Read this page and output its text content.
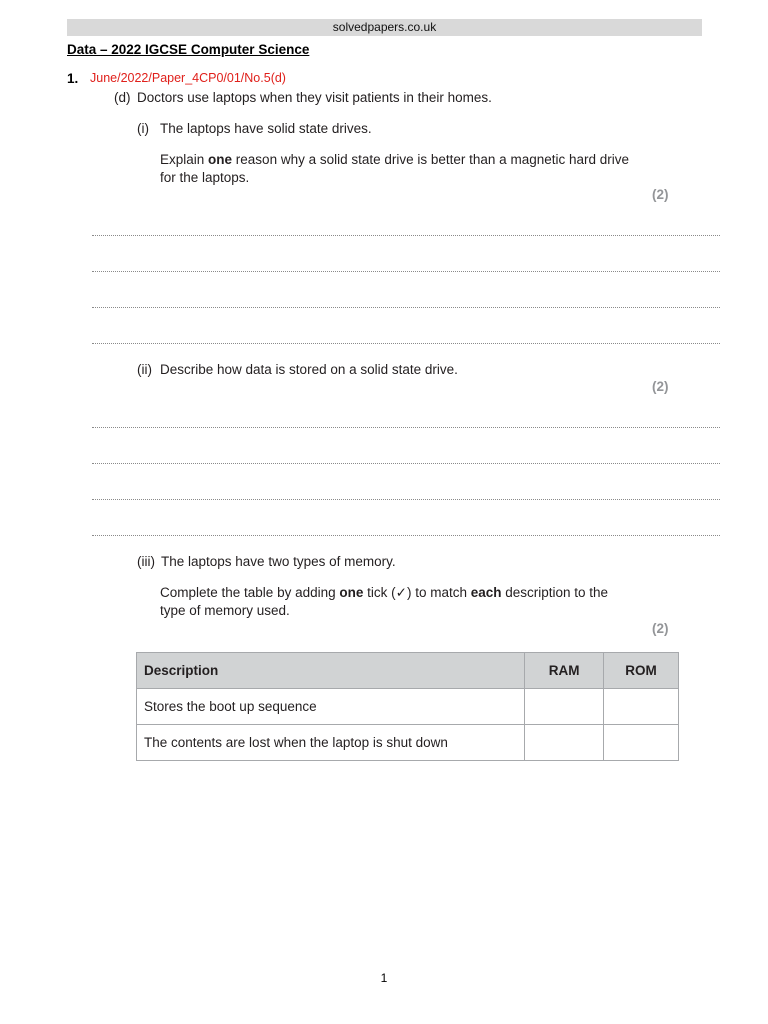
solvedpapers.co.uk
Data – 2022 IGCSE Computer Science
1. June/2022/Paper_4CP0/01/No.5(d)
(d) Doctors use laptops when they visit patients in their homes.
(i) The laptops have solid state drives.
Explain one reason why a solid state drive is better than a magnetic hard drive
for the laptops.
(2)
(ii) Describe how data is stored on a solid state drive.
(2)
(iii) The laptops have two types of memory.
Complete the table by adding one tick (✓) to match each description to the
type of memory used.
(2)
Description	RAM	ROM
Stores the boot up sequence		
The contents are lost when the laptop is shut down		
1
